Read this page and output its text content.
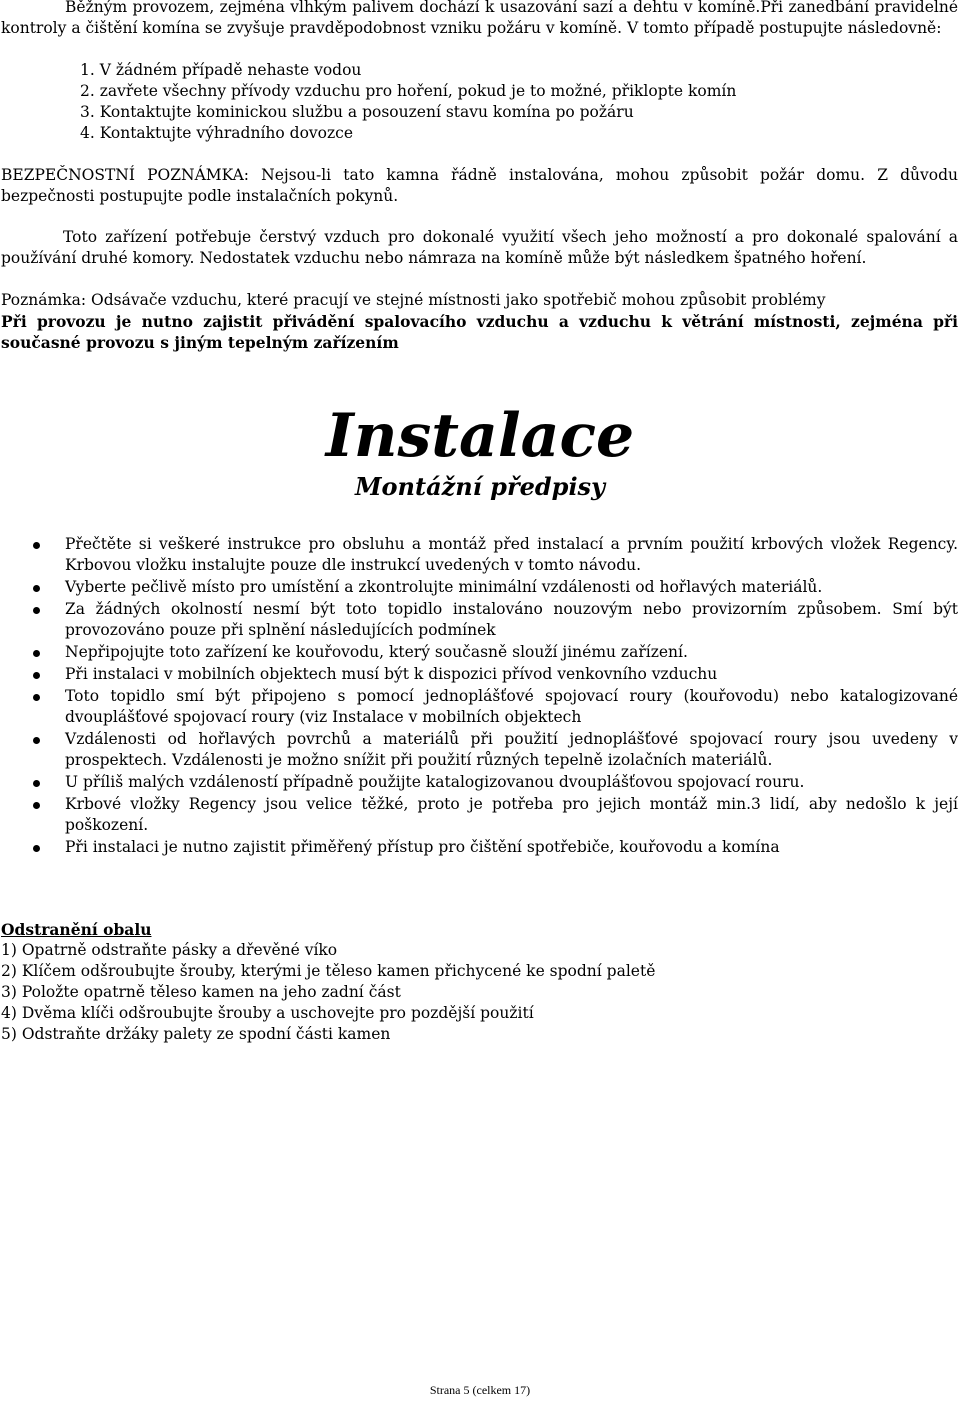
Běžným provozem, zejména vlhkým palivem dochází k usazování sazí a dehtu v komíně.Při zanedbání pravidelné kontroly a čištění komína se zvyšuje pravděpodobnost vzniku požáru v komíně. V tomto případě postupujte následovně:

1. V žádném případě nehaste vodou
2. zavřete všechny přívody vzduchu pro hoření, pokud je to možné, přiklopte komín
3. Kontaktujte kominickou službu a posouzení stavu komína po požáru
4. Kontaktujte výhradního dovozce

BEZPEČNOSTNÍ POZNÁMKA: Nejsou-li tato kamna řádně instalována, mohou způsobit požár domu. Z důvodu bezpečnosti postupujte podle instalačních pokynů.

Toto zařízení potřebuje čerstvý vzduch pro dokonalé využití všech jeho možností a pro dokonalé spalování a používání druhé komory. Nedostatek vzduchu nebo námraza na komíně může být následkem špatného hoření.

Poznámka: Odsávače vzduchu, které pracují ve stejné místnosti jako spotřebič mohou způsobit problémy

Při provozu je nutno zajistit přivádění spalovacího vzduchu a vzduchu k větrání místnosti, zejména při současné provozu s jiným tepelným zařízením

Instalace
Montážní předpisy
Přečtěte si veškeré instrukce pro obsluhu a montáž před instalací a prvním použití krbových vložek Regency. Krbovou vložku instalujte pouze dle instrukcí uvedených v tomto návodu.
Vyberte pečlivě místo pro umístění a zkontrolujte minimální vzdálenosti od hořlavých materiálů.
Za žádných okolností nesmí být toto topidlo instalováno nouzovým nebo provizorním způsobem. Smí být provozováno pouze při splnění následujících podmínek
Nepřipojujte toto zařízení ke kouřovodu, který současně slouží jinému zařízení.
Při instalaci v mobilních objektech musí být k dispozici přívod venkovního vzduchu
Toto topidlo smí být připojeno s pomocí jednoplášťové spojovací roury (kouřovodu) nebo katalogizované dvouplášťové spojovací roury (viz Instalace v mobilních objektech
Vzdálenosti od hořlavých povrchů a materiálů při použití jednoplášťové spojovací roury jsou uvedeny v prospektech. Vzdálenosti je možno snížit při použití různých tepelně izolačních materiálů.
U příliš malých vzdáleností případně použijte katalogizovanou dvouplášťovou spojovací rouru.
Krbové vložky Regency jsou velice těžké, proto je potřeba pro jejich montáž min.3 lidí, aby nedošlo k její poškození.
Při instalaci je nutno zajistit přiměřený přístup pro čištění spotřebiče, kouřovodu a komína
Odstranění obalu
1) Opatrně odstraňte pásky a dřevěné víko
2) Klíčem odšroubujte šrouby, kterými je těleso kamen přichycené ke spodní paletě
3) Položte opatrně těleso kamen na jeho zadní část
4) Dvěma klíči odšroubujte šrouby a uschovejte pro pozdější použití
5) Odstraňte držáky palety ze spodní části kamen
Strana 5 (celkem 17)
